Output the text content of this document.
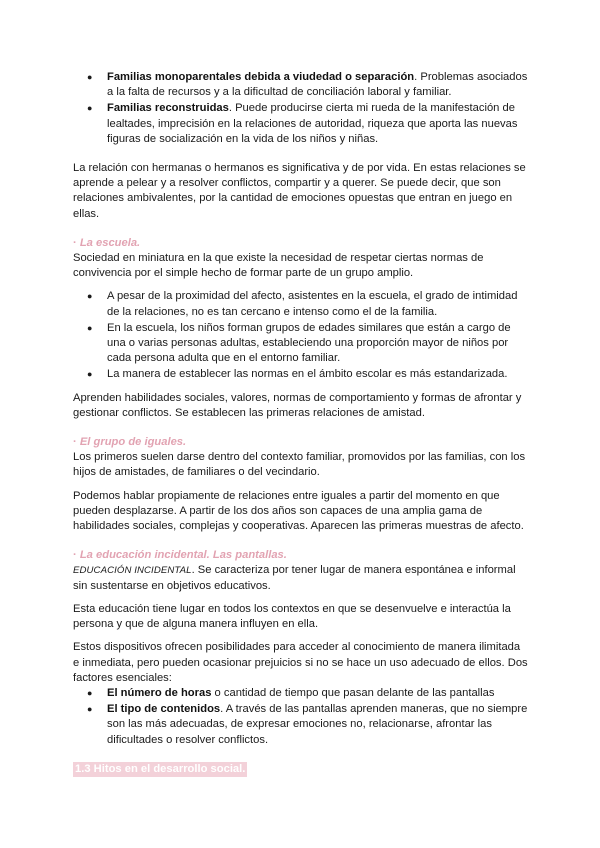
● Familias monoparentales debida a viudedad o separación. Problemas asociados a la falta de recursos y a la dificultad de conciliación laboral y familiar.
● Familias reconstruidas. Puede producirse cierta mi rueda de la manifestación de lealtades, imprecisión en la relaciones de autoridad, riqueza que aporta las nuevas figuras de socialización en la vida de los niños y niñas.

La relación con hermanas o hermanos es significativa y de por vida. En estas relaciones se aprende a pelear y a resolver conflictos, compartir y a querer. Se puede decir, que son relaciones ambivalentes, por la cantidad de emociones opuestas que entran en juego en ellas.

· La escuela.

Sociedad en miniatura en la que existe la necesidad de respetar ciertas normas de convivencia por el simple hecho de formar parte de un grupo amplio.

● A pesar de la proximidad del afecto, asistentes en la escuela, el grado de intimidad de la relaciones, no es tan cercano e intenso como el de la familia.
● En la escuela, los niños forman grupos de edades similares que están a cargo de una o varias personas adultas, estableciendo una proporción mayor de niños por cada persona adulta que en el entorno familiar.
● La manera de establecer las normas en el ámbito escolar es más estandarizada.

Aprenden habilidades sociales, valores, normas de comportamiento y formas de afrontar y gestionar conflictos. Se establecen las primeras relaciones de amistad.

· El grupo de iguales.

Los primeros suelen darse dentro del contexto familiar, promovidos por las familias, con los hijos de amistades, de familiares o del vecindario.

Podemos hablar propiamente de relaciones entre iguales a partir del momento en que pueden desplazarse. A partir de los dos años son capaces de una amplia gama de habilidades sociales, complejas y cooperativas. Aparecen las primeras muestras de afecto.

· La educación incidental. Las pantallas.

EDUCACIÓN INCIDENTAL. Se caracteriza por tener lugar de manera espontánea e informal sin sustentarse en objetivos educativos.

Esta educación tiene lugar en todos los contextos en que se desenvuelve e interactúa la persona y que de alguna manera influyen en ella.

Estos dispositivos ofrecen posibilidades para acceder al conocimiento de manera ilimitada e inmediata, pero pueden ocasionar prejuicios si no se hace un uso adecuado de ellos. Dos factores esenciales:

● El número de horas o cantidad de tiempo que pasan delante de las pantallas
● El tipo de contenidos. A través de las pantallas aprenden maneras, que no siempre son las más adecuadas, de expresar emociones no, relacionarse, afrontar las dificultades o resolver conflictos.
1.3 Hitos en el desarrollo social.
